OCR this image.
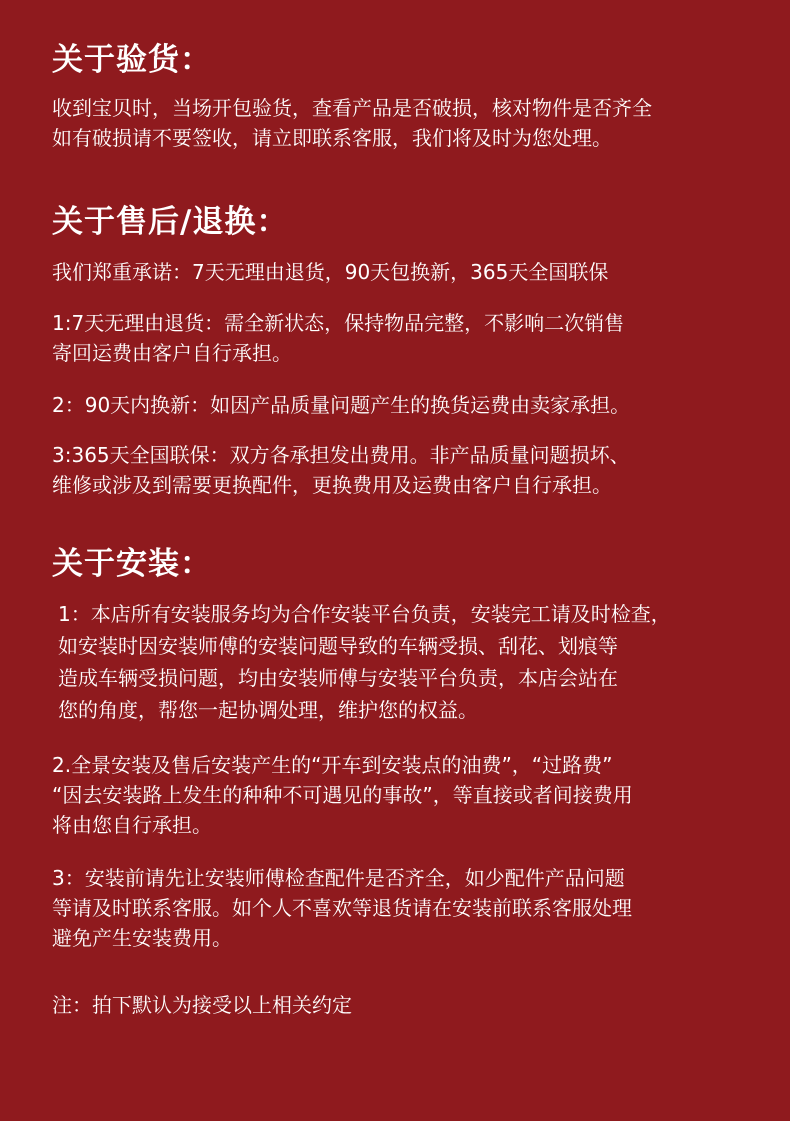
关于验货：
收到宝贝时，当场开包验货，查看产品是否破损，核对物件是否齐全
如有破损请不要签收，请立即联系客服，我们将及时为您处理。
关于售后/退换：
我们郑重承诺：7天无理由退货，90天包换新，365天全国联保
1:7天无理由退货：需全新状态，保持物品完整，不影响二次销售
寄回运费由客户自行承担。
2：90天内换新：如因产品质量问题产生的换货运费由卖家承担。
3:365天全国联保：双方各承担发出费用。非产品质量问题损坏、
维修或涉及到需要更换配件，更换费用及运费由客户自行承担。
关于安装：
1：本店所有安装服务均为合作安装平台负责，安装完工请及时检查，
如安装时因安装师傅的安装问题导致的车辆受损、刮花、划痕等
造成车辆受损问题，均由安装师傅与安装平台负责，本店会站在
您的角度，帮您一起协调处理，维护您的权益。
2.全景安装及售后安装产生的“开车到安装点的油费”，“过路费”
“因去安装路上发生的种种不可遇见的事故”，等直接或者间接费用
将由您自行承担。
3：安装前请先让安装师傅检查配件是否齐全，如少配件产品问题
等请及时联系客服。如个人不喜欢等退货请在安装前联系客服处理
避免产生安装费用。
注：拍下默认为接受以上相关约定
